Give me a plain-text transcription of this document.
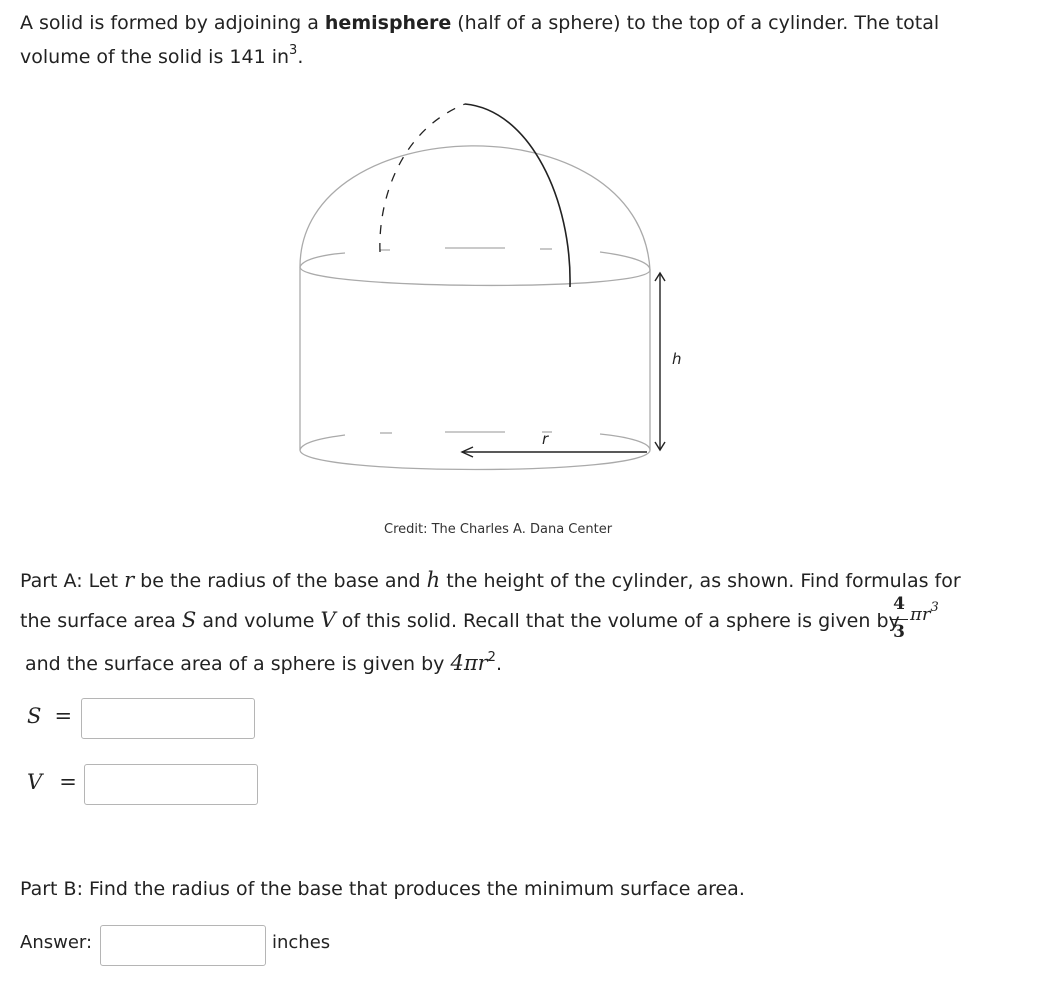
A solid is formed by adjoining a hemisphere (half of a sphere) to the top of a cylinder. The total
volume of the solid is 141 $in^3$.
h
r
Credit: The Charles A. Dana Center
Part A: Let r be the radius of the base and h the height of the cylinder, as shown. Find formulas for
the surface area S and volume V of this solid. Recall that the volume of a sphere is given by
4
3
$\pi r^3$
and the surface area of a sphere is given by $4\pi r^2$.
S =
V =
Part B: Find the radius of the base that produces the minimum surface area.
Answer:	inches
